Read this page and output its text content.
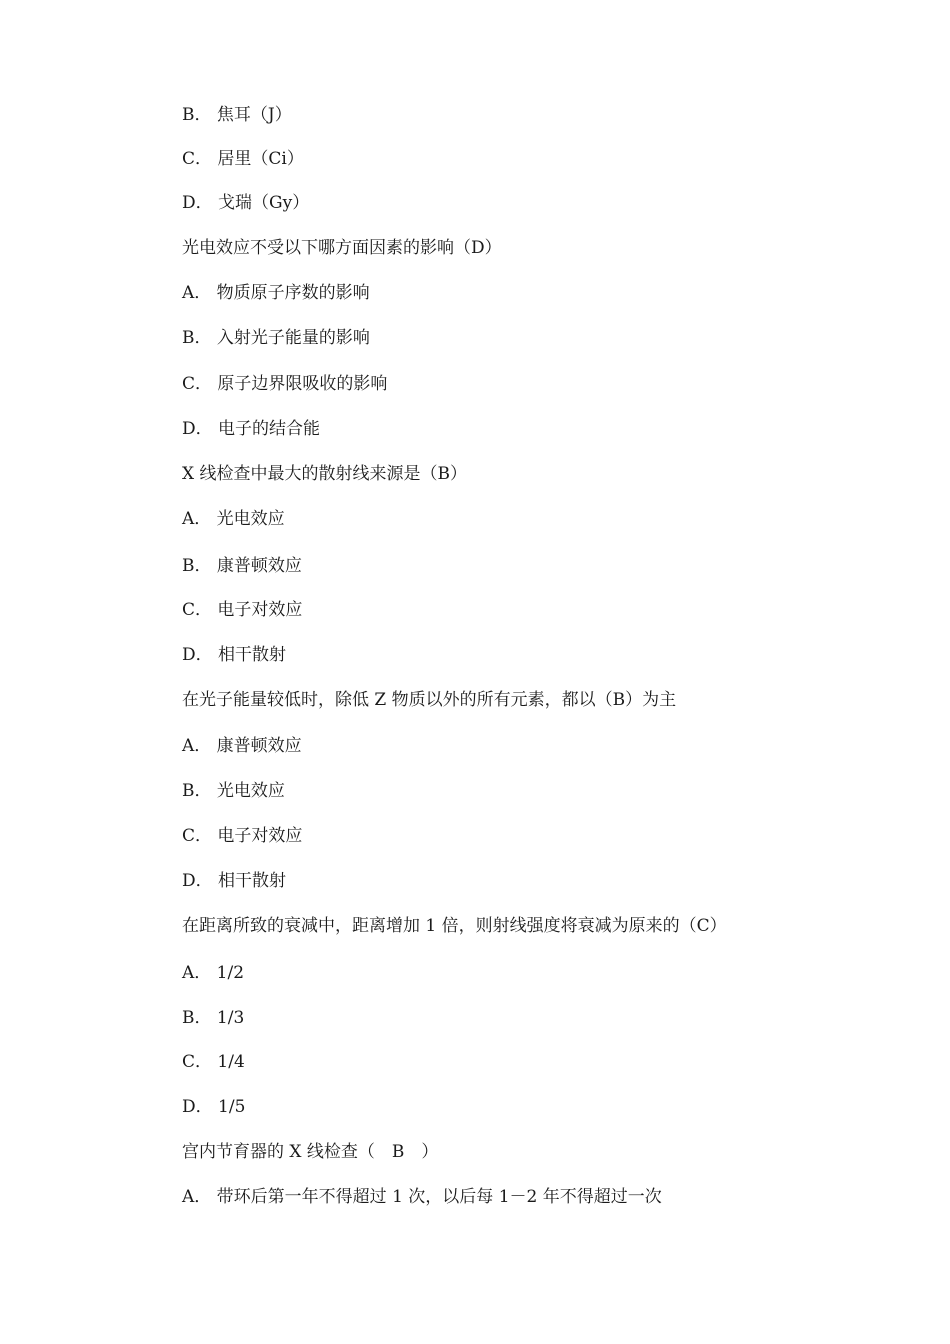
B． 焦耳（J）
C． 居里（Ci）
D． 戈瑞（Gy）
光电效应不受以下哪方面因素的影响（D）
A． 物质原子序数的影响
B． 入射光子能量的影响
C． 原子边界限吸收的影响
D． 电子的结合能
X 线检查中最大的散射线来源是（B）
A． 光电效应
B． 康普顿效应
C． 电子对效应
D． 相干散射
在光子能量较低时，除低 Z 物质以外的所有元素，都以（B）为主
A． 康普顿效应
B． 光电效应
C． 电子对效应
D． 相干散射
在距离所致的衰减中，距离增加 1 倍，则射线强度将衰减为原来的（C）
A． 1/2
B． 1/3
C． 1/4
D． 1/5
宫内节育器的 X 线检查（　B　）
A． 带环后第一年不得超过 1 次，以后每 1－2 年不得超过一次
